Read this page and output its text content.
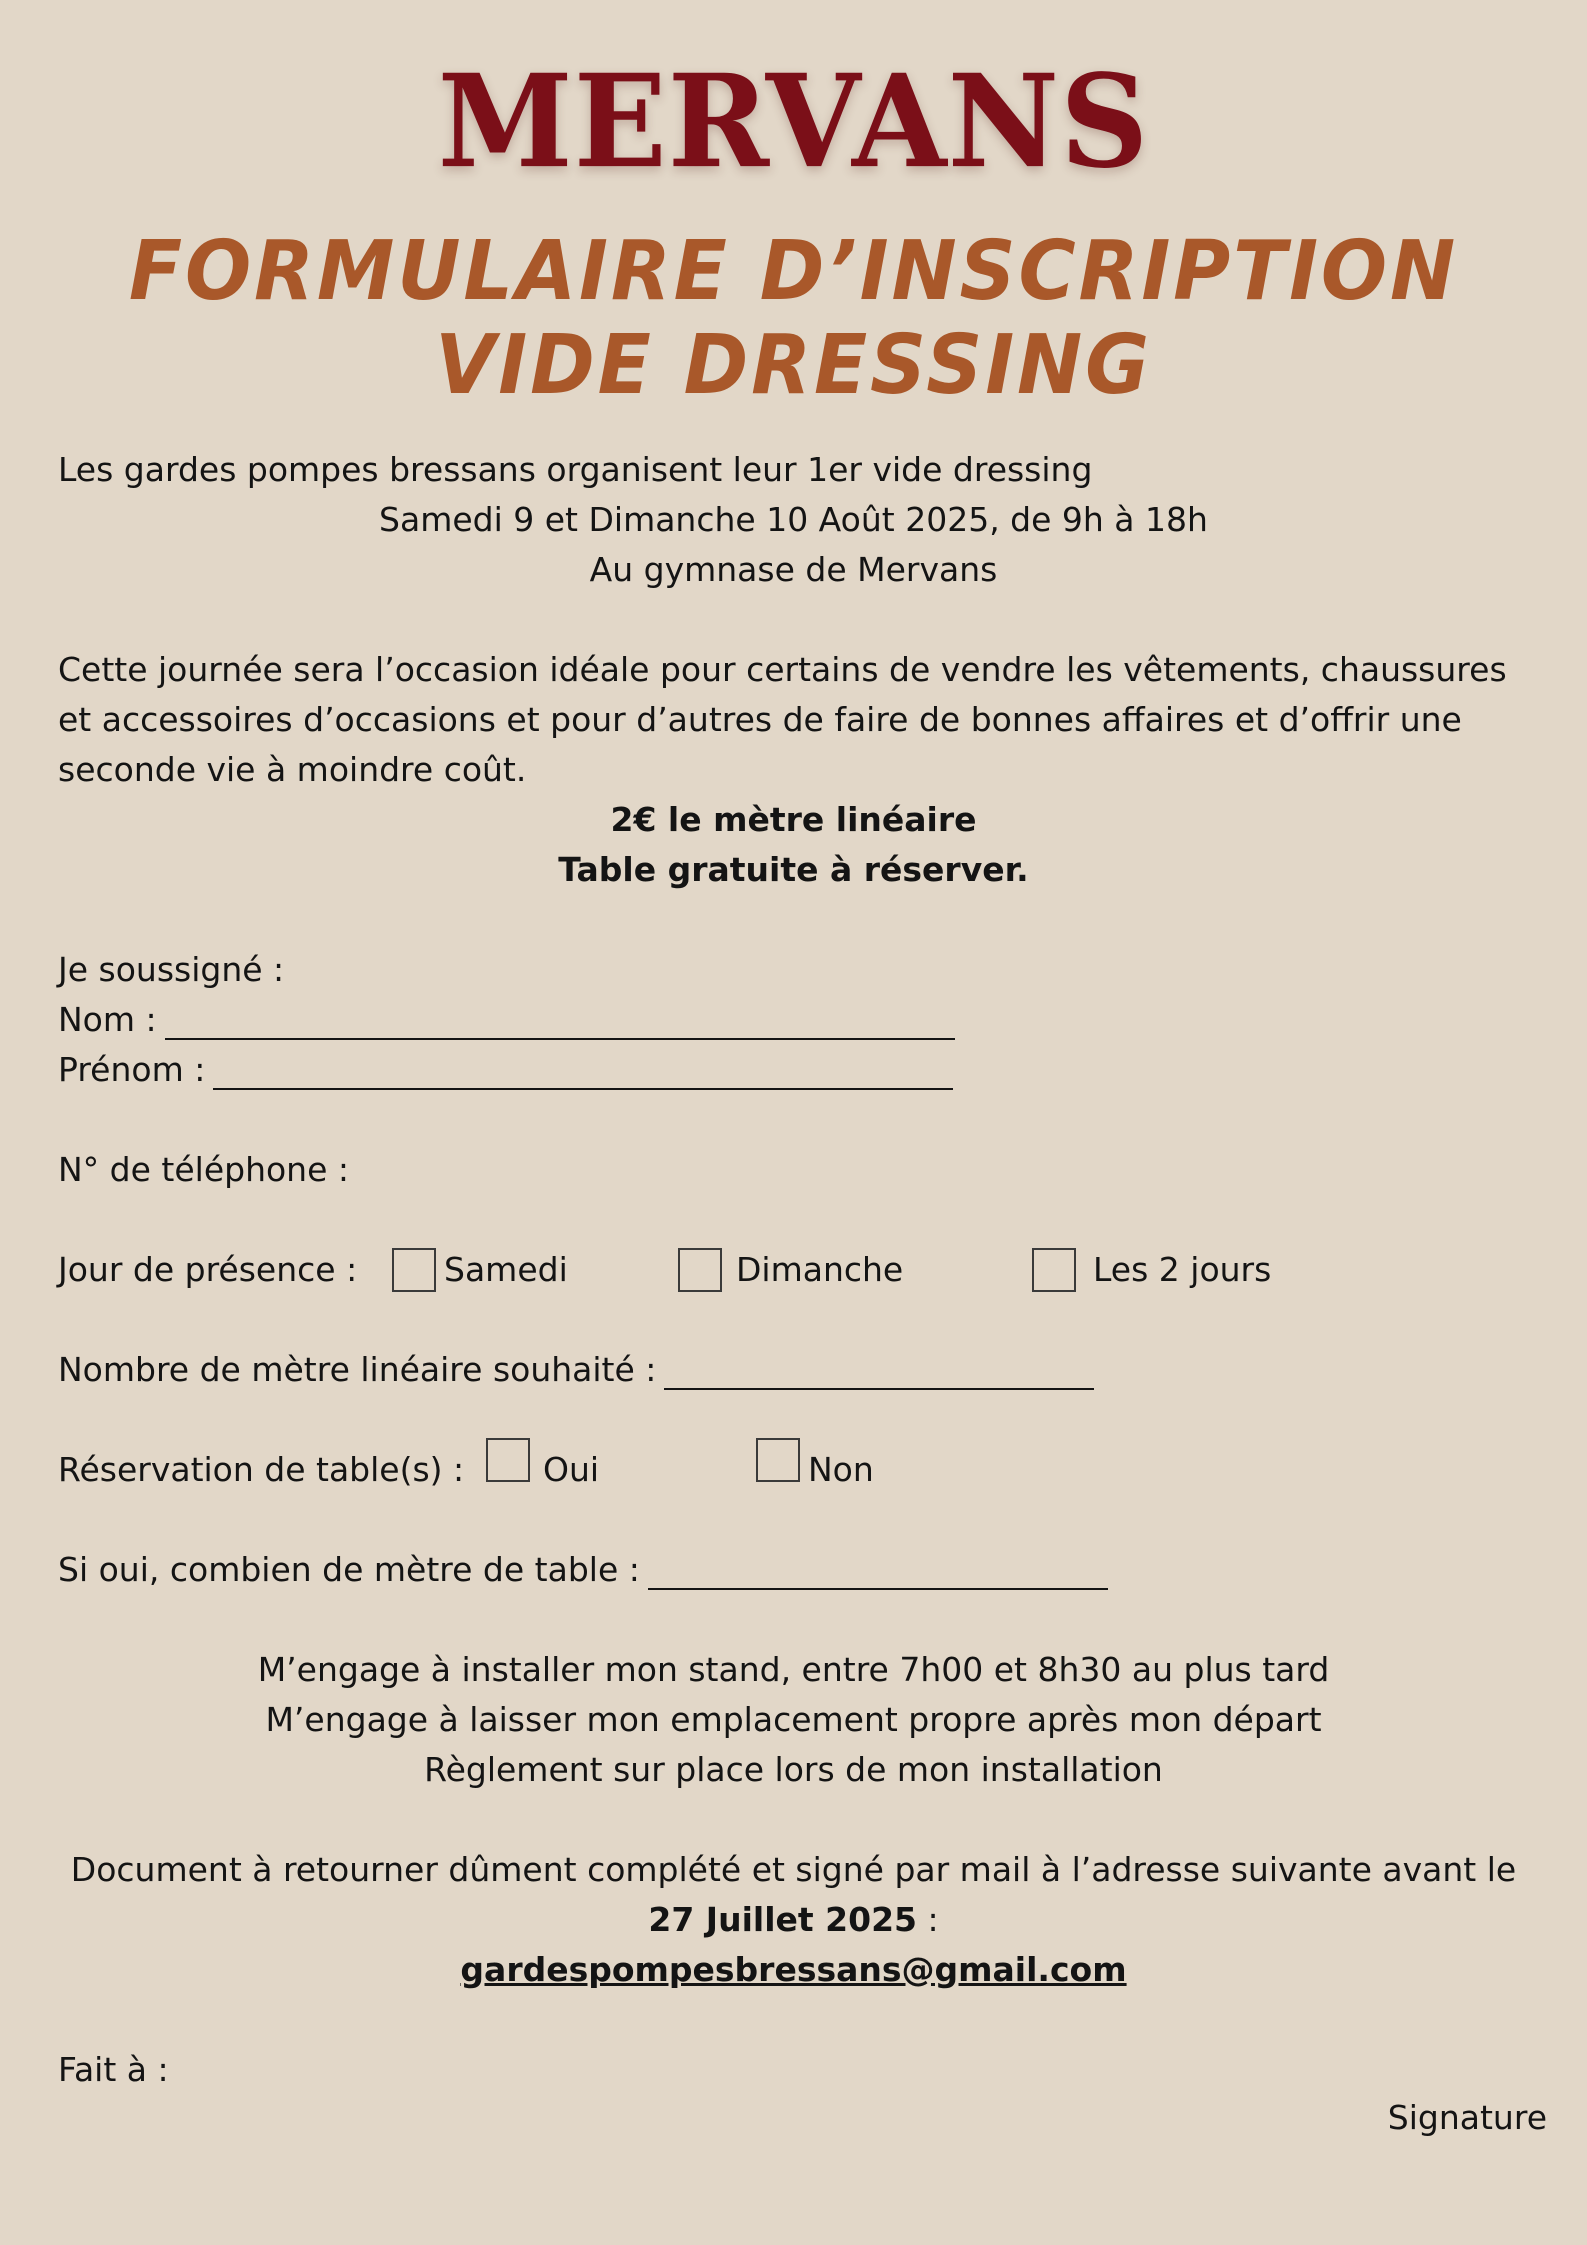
MERVANS
FORMULAIRE D’INSCRIPTION
VIDE DRESSING
Les gardes pompes bressans organisent leur 1er vide dressing
Samedi 9 et Dimanche 10 Août 2025, de 9h à 18h
Au gymnase de Mervans
Cette journée sera l’occasion idéale pour certains de vendre les vêtements, chaussures et accessoires d’occasions et pour d’autres de faire de bonnes affaires et d’offrir une seconde vie à moindre coût.
2€ le mètre linéaire
Table gratuite à réserver.
Je soussigné :
Nom :
Prénom :
N° de téléphone :
Jour de présence :	Samedi	Dimanche	Les 2 jours
Nombre de mètre linéaire souhaité :
Réservation de table(s) : Oui	Non
Si oui, combien de mètre de table :
M’engage à installer mon stand, entre 7h00 et 8h30 au plus tard
M’engage à laisser mon emplacement propre après mon départ
Règlement sur place lors de mon installation
Document à retourner dûment complété et signé par mail à l’adresse suivante avant le
27 Juillet 2025 :
gardespompesbressans@gmail.com
Fait à :
Signature
